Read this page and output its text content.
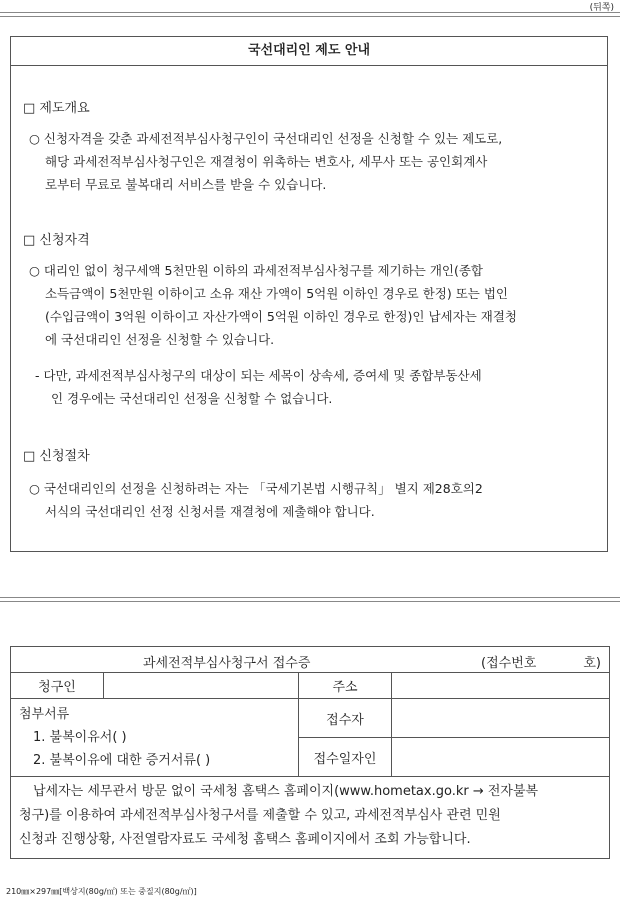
(뒤쪽)
국선대리인 제도 안내
□ 제도개요
○ 신청자격을 갖춘 과세전적부심사청구인이 국선대리인 선정을 신청할 수 있는 제도로,
해당 과세전적부심사청구인은 재결청이 위촉하는 변호사, 세무사 또는 공인회계사
로부터 무료로 불복대리 서비스를 받을 수 있습니다.
□ 신청자격
○ 대리인 없이 청구세액 5천만원 이하의 과세전적부심사청구를 제기하는 개인(종합
소득금액이 5천만원 이하이고 소유 재산 가액이 5억원 이하인 경우로 한정) 또는 법인
(수입금액이 3억원 이하이고 자산가액이 5억원 이하인 경우로 한정)인 납세자는 재결청
에 국선대리인 선정을 신청할 수 있습니다.
- 다만, 과세전적부심사청구의 대상이 되는 세목이 상속세, 증여세 및 종합부동산세
인 경우에는 국선대리인 선정을 신청할 수 없습니다.
□ 신청절차
○ 국선대리인의 선정을 신청하려는 자는 「국세기본법 시행규칙」 별지 제28호의2
서식의 국선대리인 선정 신청서를 재결청에 제출해야 합니다.
과세전적부심사청구서 접수증 (접수번호 호)			

청구인		주소	

첨부서류
1. 불복이유서( )
2. 불복이유에 대한 증거서류( )		접수자	
		접수일자인	

납세자는 세무관서 방문 없이 국세청 홈택스 홈페이지(www.hometax.go.kr → 전자불복
청구)를 이용하여 과세전적부심사청구서를 제출할 수 있고, 과세전적부심사 관련 민원
신청과 진행상황, 사전열람자료도 국세청 홈택스 홈페이지에서 조회 가능합니다.			
210㎜×297㎜[백상지(80g/㎡) 또는 중질지(80g/㎡)]
